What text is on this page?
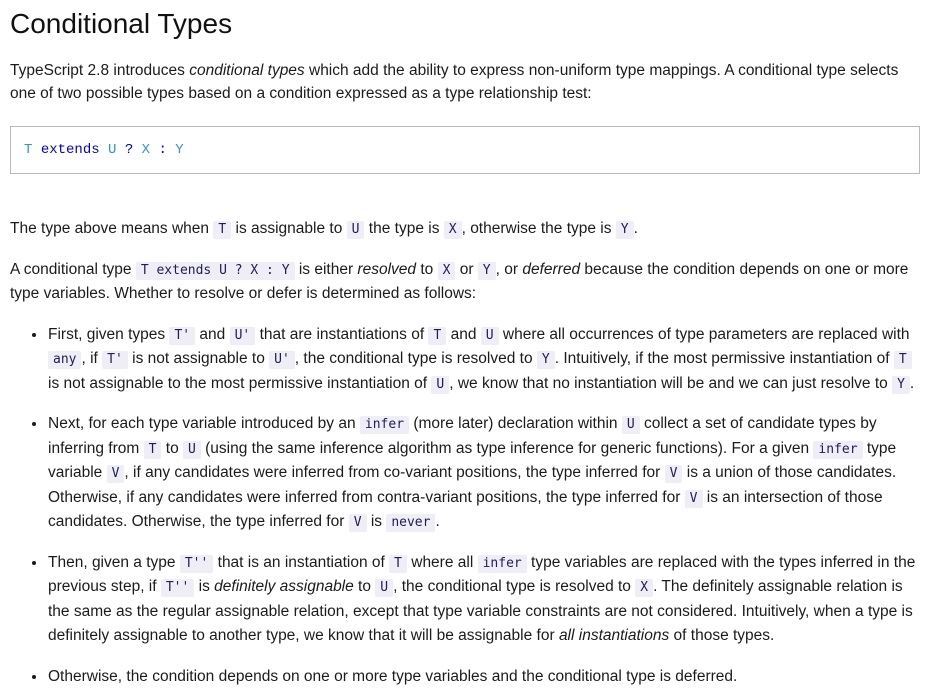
Conditional Types

TypeScript 2.8 introduces conditional types which add the ability to express non-uniform type mappings. A conditional type selects one of two possible types based on a condition expressed as a type relationship test:

T extends U ? X : Y

The type above means when T is assignable to U the type is X , otherwise the type is Y .

A conditional type T extends U ? X : Y is either resolved to X or Y , or deferred because the condition depends on one or more type variables. Whether to resolve or defer is determined as follows:

• First, given types T' and U' that are instantiations of T and U where all occurrences of type parameters are replaced with any , if T' is not assignable to U' , the conditional type is resolved to Y . Intuitively, if the most permissive instantiation of T is not assignable to the most permissive instantiation of U , we know that no instantiation will be and we can just resolve to Y .
• Next, for each type variable introduced by an infer (more later) declaration within U collect a set of candidate types by inferring from T to U (using the same inference algorithm as type inference for generic functions). For a given infer type variable V , if any candidates were inferred from co-variant positions, the type inferred for V is a union of those candidates. Otherwise, if any candidates were inferred from contra-variant positions, the type inferred for V is an intersection of those candidates. Otherwise, the type inferred for V is never .
• Then, given a type T'' that is an instantiation of T where all infer type variables are replaced with the types inferred in the previous step, if T'' is definitely assignable to U , the conditional type is resolved to X . The definitely assignable relation is the same as the regular assignable relation, except that type variable constraints are not considered. Intuitively, when a type is definitely assignable to another type, we know that it will be assignable for all instantiations of those types.
• Otherwise, the condition depends on one or more type variables and the conditional type is deferred.
